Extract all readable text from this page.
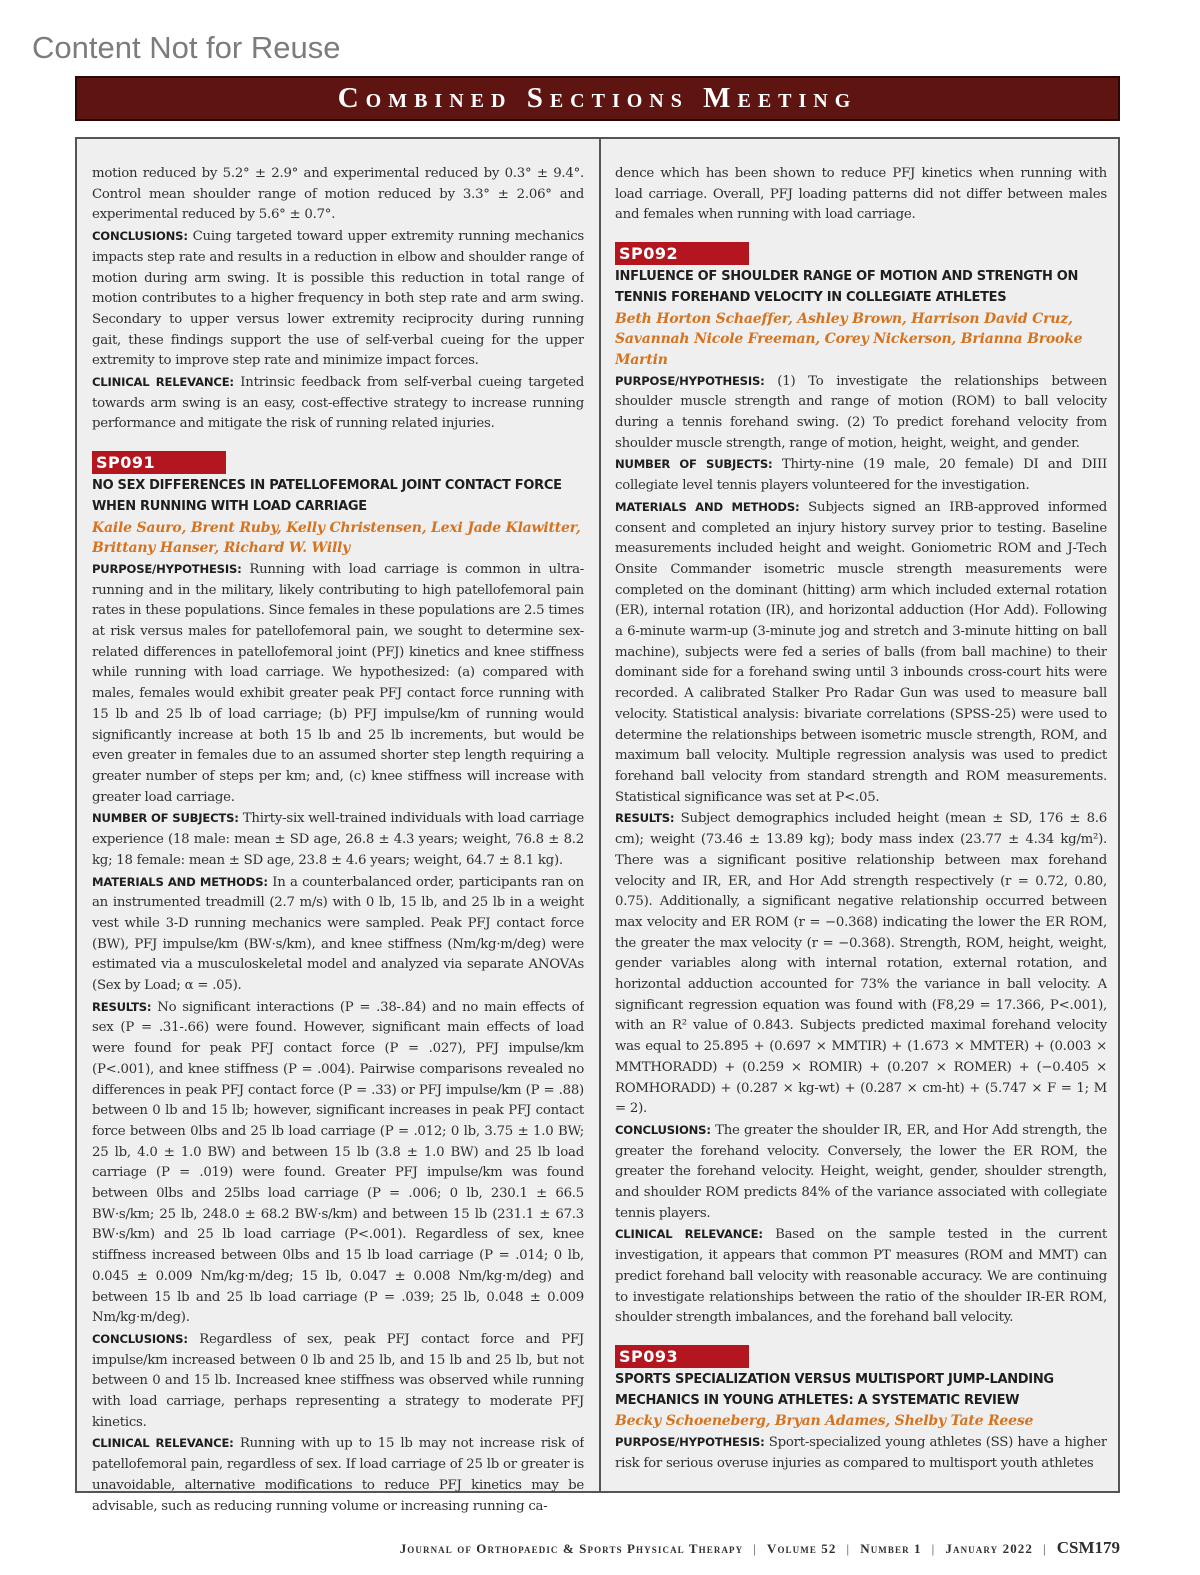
Content Not for Reuse
Combined Sections Meeting

motion reduced by 5.2° ± 2.9° and experimental reduced by 0.3° ± 9.4°. Control mean shoulder range of motion reduced by 3.3° ± 2.06° and experimental reduced by 5.6° ± 0.7°.

CONCLUSIONS: Cuing targeted toward upper extremity running mechanics impacts step rate and results in a reduction in elbow and shoulder range of motion during arm swing. It is possible this reduction in total range of motion contributes to a higher frequency in both step rate and arm swing. Secondary to upper versus lower extremity reciprocity during running gait, these findings support the use of self-verbal cueing for the upper extremity to improve step rate and minimize impact forces.

CLINICAL RELEVANCE: Intrinsic feedback from self-verbal cueing targeted towards arm swing is an easy, cost-effective strategy to increase running performance and mitigate the risk of running related injuries.

SP091
NO SEX DIFFERENCES IN PATELLOFEMORAL JOINT CONTACT FORCE WHEN RUNNING WITH LOAD CARRIAGE
Kaile Sauro, Brent Ruby, Kelly Christensen, Lexi Jade Klawitter, Brittany Hanser, Richard W. Willy

PURPOSE/HYPOTHESIS: Running with load carriage is common in ultra-running and in the military, likely contributing to high patellofemoral pain rates in these populations. Since females in these populations are 2.5 times at risk versus males for patellofemoral pain, we sought to determine sex-related differences in patellofemoral joint (PFJ) kinetics and knee stiffness while running with load carriage. We hypothesized: (a) compared with males, females would exhibit greater peak PFJ contact force running with 15 lb and 25 lb of load carriage; (b) PFJ impulse/km of running would significantly increase at both 15 lb and 25 lb increments, but would be even greater in females due to an assumed shorter step length requiring a greater number of steps per km; and, (c) knee stiffness will increase with greater load carriage.

NUMBER OF SUBJECTS: Thirty-six well-trained individuals with load carriage experience (18 male: mean ± SD age, 26.8 ± 4.3 years; weight, 76.8 ± 8.2 kg; 18 female: mean ± SD age, 23.8 ± 4.6 years; weight, 64.7 ± 8.1 kg).

MATERIALS AND METHODS: In a counterbalanced order, participants ran on an instrumented treadmill (2.7 m/s) with 0 lb, 15 lb, and 25 lb in a weight vest while 3-D running mechanics were sampled. Peak PFJ contact force (BW), PFJ impulse/km (BW·s/km), and knee stiffness (Nm/kg·m/deg) were estimated via a musculoskeletal model and analyzed via separate ANOVAs (Sex by Load; α = .05).

RESULTS: No significant interactions (P = .38-.84) and no main effects of sex (P = .31-.66) were found. However, significant main effects of load were found for peak PFJ contact force (P = .027), PFJ impulse/km (P<.001), and knee stiffness (P = .004). Pairwise comparisons revealed no differences in peak PFJ contact force (P = .33) or PFJ impulse/km (P = .88) between 0 lb and 15 lb; however, significant increases in peak PFJ contact force between 0lbs and 25 lb load carriage (P = .012; 0 lb, 3.75 ± 1.0 BW; 25 lb, 4.0 ± 1.0 BW) and between 15 lb (3.8 ± 1.0 BW) and 25 lb load carriage (P = .019) were found. Greater PFJ impulse/km was found between 0lbs and 25lbs load carriage (P = .006; 0 lb, 230.1 ± 66.5 BW·s/km; 25 lb, 248.0 ± 68.2 BW·s/km) and between 15 lb (231.1 ± 67.3 BW·s/km) and 25 lb load carriage (P<.001). Regardless of sex, knee stiffness increased between 0lbs and 15 lb load carriage (P = .014; 0 lb, 0.045 ± 0.009 Nm/kg·m/deg; 15 lb, 0.047 ± 0.008 Nm/kg·m/deg) and between 15 lb and 25 lb load carriage (P = .039; 25 lb, 0.048 ± 0.009 Nm/kg·m/deg).

CONCLUSIONS: Regardless of sex, peak PFJ contact force and PFJ impulse/km increased between 0 lb and 25 lb, and 15 lb and 25 lb, but not between 0 and 15 lb. Increased knee stiffness was observed while running with load carriage, perhaps representing a strategy to moderate PFJ kinetics.

CLINICAL RELEVANCE: Running with up to 15 lb may not increase risk of patellofemoral pain, regardless of sex. If load carriage of 25 lb or greater is unavoidable, alternative modifications to reduce PFJ kinetics may be advisable, such as reducing running volume or increasing running ca-

dence which has been shown to reduce PFJ kinetics when running with load carriage. Overall, PFJ loading patterns did not differ between males and females when running with load carriage.

SP092
INFLUENCE OF SHOULDER RANGE OF MOTION AND STRENGTH ON TENNIS FOREHAND VELOCITY IN COLLEGIATE ATHLETES
Beth Horton Schaeffer, Ashley Brown, Harrison David Cruz, Savannah Nicole Freeman, Corey Nickerson, Brianna Brooke Martin

PURPOSE/HYPOTHESIS: (1) To investigate the relationships between shoulder muscle strength and range of motion (ROM) to ball velocity during a tennis forehand swing. (2) To predict forehand velocity from shoulder muscle strength, range of motion, height, weight, and gender.

NUMBER OF SUBJECTS: Thirty-nine (19 male, 20 female) DI and DIII collegiate level tennis players volunteered for the investigation.

MATERIALS AND METHODS: Subjects signed an IRB-approved informed consent and completed an injury history survey prior to testing. Baseline measurements included height and weight. Goniometric ROM and J-Tech Onsite Commander isometric muscle strength measurements were completed on the dominant (hitting) arm which included external rotation (ER), internal rotation (IR), and horizontal adduction (Hor Add). Following a 6-minute warm-up (3-minute jog and stretch and 3-minute hitting on ball machine), subjects were fed a series of balls (from ball machine) to their dominant side for a forehand swing until 3 inbounds cross-court hits were recorded. A calibrated Stalker Pro Radar Gun was used to measure ball velocity. Statistical analysis: bivariate correlations (SPSS-25) were used to determine the relationships between isometric muscle strength, ROM, and maximum ball velocity. Multiple regression analysis was used to predict forehand ball velocity from standard strength and ROM measurements. Statistical significance was set at P<.05.

RESULTS: Subject demographics included height (mean ± SD, 176 ± 8.6 cm); weight (73.46 ± 13.89 kg); body mass index (23.77 ± 4.34 kg/m²). There was a significant positive relationship between max forehand velocity and IR, ER, and Hor Add strength respectively (r = 0.72, 0.80, 0.75). Additionally, a significant negative relationship occurred between max velocity and ER ROM (r = −0.368) indicating the lower the ER ROM, the greater the max velocity (r = −0.368). Strength, ROM, height, weight, gender variables along with internal rotation, external rotation, and horizontal adduction accounted for 73% the variance in ball velocity. A significant regression equation was found with (F8,29 = 17.366, P<.001), with an R² value of 0.843. Subjects predicted maximal forehand velocity was equal to 25.895 + (0.697 × MMTIR) + (1.673 × MMTER) + (0.003 × MMTHORADD) + (0.259 × ROMIR) + (0.207 × ROMER) + (−0.405 × ROMHORADD) + (0.287 × kg-wt) + (0.287 × cm-ht) + (5.747 × F = 1; M = 2).

CONCLUSIONS: The greater the shoulder IR, ER, and Hor Add strength, the greater the forehand velocity. Conversely, the lower the ER ROM, the greater the forehand velocity. Height, weight, gender, shoulder strength, and shoulder ROM predicts 84% of the variance associated with collegiate tennis players.

CLINICAL RELEVANCE: Based on the sample tested in the current investigation, it appears that common PT measures (ROM and MMT) can predict forehand ball velocity with reasonable accuracy. We are continuing to investigate relationships between the ratio of the shoulder IR-ER ROM, shoulder strength imbalances, and the forehand ball velocity.

SP093
SPORTS SPECIALIZATION VERSUS MULTISPORT JUMP-LANDING MECHANICS IN YOUNG ATHLETES: A SYSTEMATIC REVIEW
Becky Schoeneberg, Bryan Adames, Shelby Tate Reese

PURPOSE/HYPOTHESIS: Sport-specialized young athletes (SS) have a higher risk for serious overuse injuries as compared to multisport youth athletes

Journal of Orthopaedic & Sports Physical Therapy | Volume 52 | Number 1 | January 2022 | CSM179
